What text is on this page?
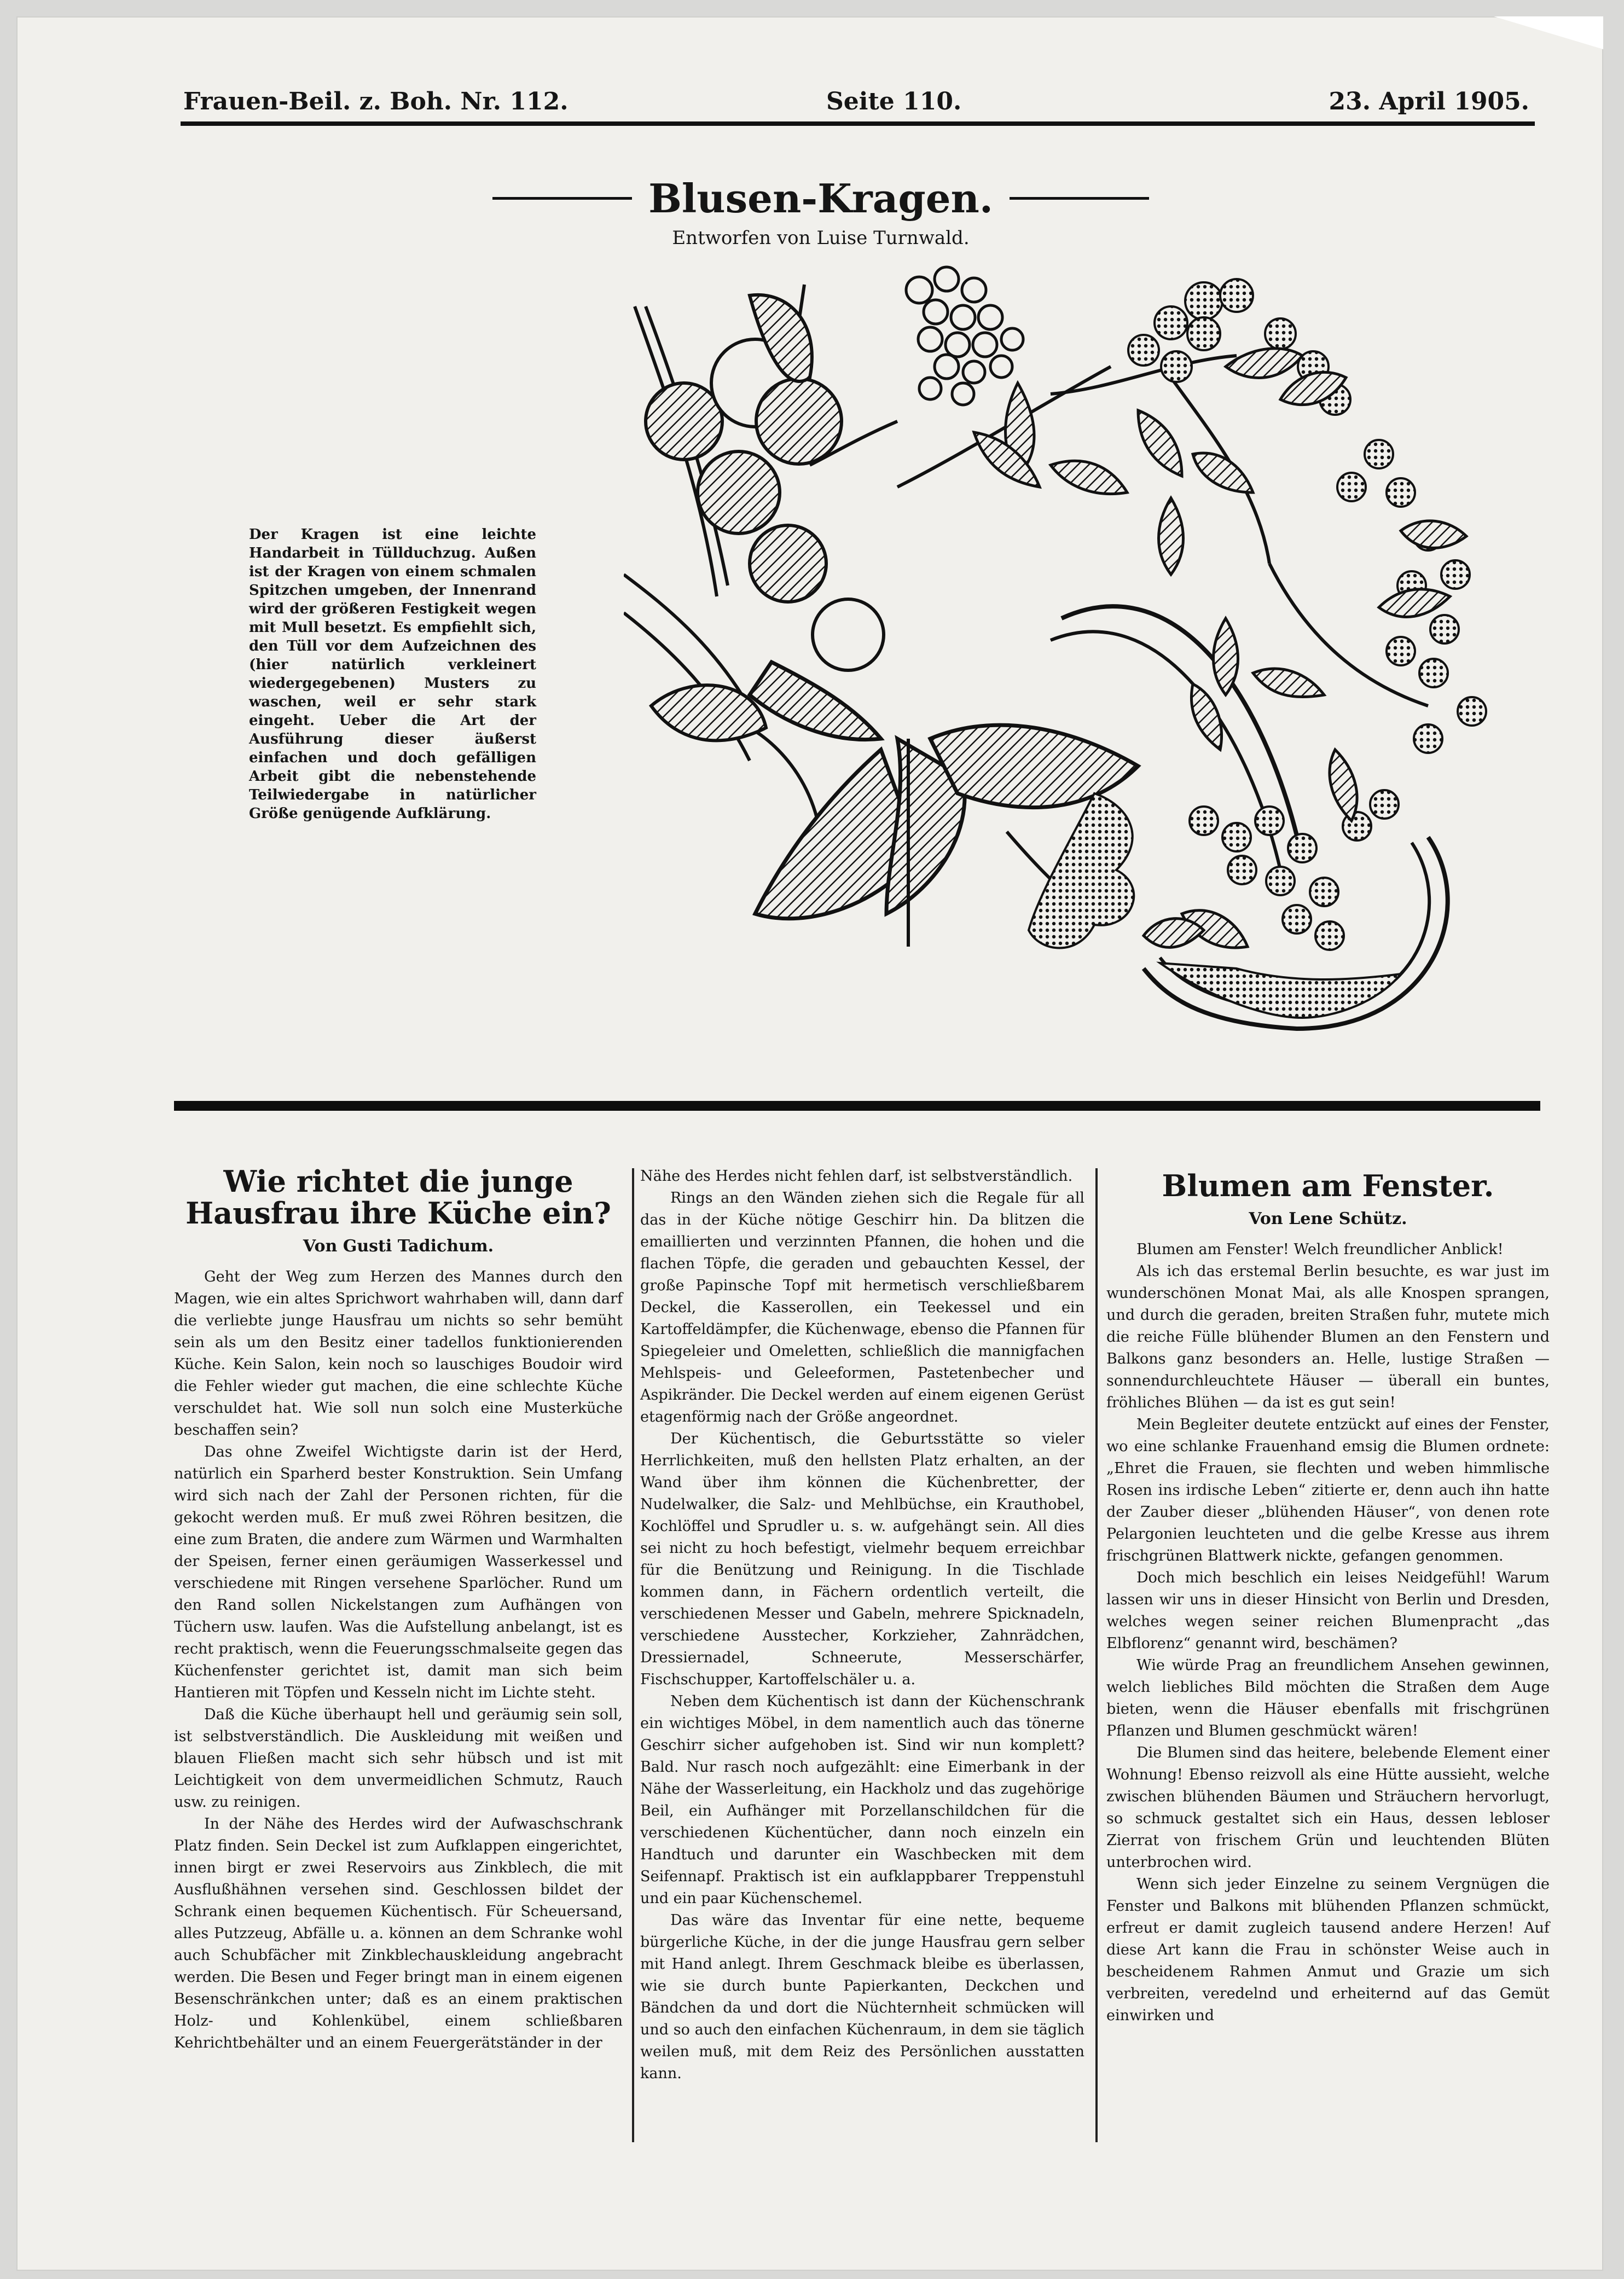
Frauen-Beil. z. Boh. Nr. 112.	Seite 110.	23. April 1905.
Blusen-Kragen.
Entworfen von Luise Turnwald.
Der Kragen ist eine leichte Handarbeit in Tüllduchzug. Außen ist der Kragen von einem schmalen Spitzchen umgeben, der Innenrand wird der größeren Festigkeit wegen mit Mull besetzt. Es empfiehlt sich, den Tüll vor dem Aufzeichnen des (hier natürlich verkleinert wiedergegebenen) Musters zu waschen, weil er sehr stark eingeht. Ueber die Art der Ausführung dieser äußerst einfachen und doch gefälligen Arbeit gibt die nebenstehende Teilwiedergabe in natürlicher Größe genügende Aufklärung.
Wie richtet die junge Hausfrau ihre Küche ein?
Von Gusti Tadichum.

Geht der Weg zum Herzen des Mannes durch den Magen, wie ein altes Sprichwort wahrhaben will, dann darf die verliebte junge Hausfrau um nichts so sehr bemüht sein als um den Besitz einer tadellos funktionierenden Küche. Kein Salon, kein noch so lauschiges Boudoir wird die Fehler wieder gut machen, die eine schlechte Küche verschuldet hat. Wie soll nun solch eine Musterküche beschaffen sein?

Das ohne Zweifel Wichtigste darin ist der Herd, natürlich ein Sparherd bester Konstruktion. Sein Umfang wird sich nach der Zahl der Personen richten, für die gekocht werden muß. Er muß zwei Röhren besitzen, die eine zum Braten, die andere zum Wärmen und Warmhalten der Speisen, ferner einen geräumigen Wasserkessel und verschiedene mit Ringen versehene Sparlöcher. Rund um den Rand sollen Nickelstangen zum Aufhängen von Tüchern usw. laufen. Was die Aufstellung anbelangt, ist es recht praktisch, wenn die Feuerungsschmalseite gegen das Küchenfenster gerichtet ist, damit man sich beim Hantieren mit Töpfen und Kesseln nicht im Lichte steht.

Daß die Küche überhaupt hell und geräumig sein soll, ist selbstverständlich. Die Auskleidung mit weißen und blauen Fließen macht sich sehr hübsch und ist mit Leichtigkeit von dem unvermeidlichen Schmutz, Rauch usw. zu reinigen.

In der Nähe des Herdes wird der Aufwaschschrank Platz finden. Sein Deckel ist zum Aufklappen eingerichtet, innen birgt er zwei Reservoirs aus Zinkblech, die mit Ausflußhähnen versehen sind. Geschlossen bildet der Schrank einen bequemen Küchentisch. Für Scheuersand, alles Putzzeug, Abfälle u. a. können an dem Schranke wohl auch Schubfächer mit Zinkblechauskleidung angebracht werden. Die Besen und Feger bringt man in einem eigenen Besenschränkchen unter; daß es an einem praktischen Holz- und Kohlenkübel, einem schließbaren Kehrichtbehälter und an einem Feuergerätständer in der

Nähe des Herdes nicht fehlen darf, ist selbstverständlich.

Rings an den Wänden ziehen sich die Regale für all das in der Küche nötige Geschirr hin. Da blitzen die emaillierten und verzinnten Pfannen, die hohen und die flachen Töpfe, die geraden und gebauchten Kessel, der große Papinsche Topf mit hermetisch verschließbarem Deckel, die Kasserollen, ein Teekessel und ein Kartoffeldämpfer, die Küchenwage, ebenso die Pfannen für Spiegeleier und Omeletten, schließlich die mannigfachen Mehlspeis- und Geleeformen, Pastetenbecher und Aspikränder. Die Deckel werden auf einem eigenen Gerüst etagenförmig nach der Größe angeordnet.

Der Küchentisch, die Geburtsstätte so vieler Herrlichkeiten, muß den hellsten Platz erhalten, an der Wand über ihm können die Küchenbretter, der Nudelwalker, die Salz- und Mehlbüchse, ein Krauthobel, Kochlöffel und Sprudler u. s. w. aufgehängt sein. All dies sei nicht zu hoch befestigt, vielmehr bequem erreichbar für die Benützung und Reinigung. In die Tischlade kommen dann, in Fächern ordentlich verteilt, die verschiedenen Messer und Gabeln, mehrere Spicknadeln, verschiedene Ausstecher, Korkzieher, Zahnrädchen, Dressiernadel, Schneerute, Messerschärfer, Fischschupper, Kartoffelschäler u. a.

Neben dem Küchentisch ist dann der Küchenschrank ein wichtiges Möbel, in dem namentlich auch das tönerne Geschirr sicher aufgehoben ist. Sind wir nun komplett? Bald. Nur rasch noch aufgezählt: eine Eimerbank in der Nähe der Wasserleitung, ein Hackholz und das zugehörige Beil, ein Aufhänger mit Porzellanschildchen für die verschiedenen Küchentücher, dann noch einzeln ein Handtuch und darunter ein Waschbecken mit dem Seifennapf. Praktisch ist ein aufklappbarer Treppenstuhl und ein paar Küchenschemel.

Das wäre das Inventar für eine nette, bequeme bürgerliche Küche, in der die junge Hausfrau gern selber mit Hand anlegt. Ihrem Geschmack bleibe es überlassen, wie sie durch bunte Papierkanten, Deckchen und Bändchen da und dort die Nüchternheit schmücken will und so auch den einfachen Küchenraum, in dem sie täglich weilen muß, mit dem Reiz des Persönlichen ausstatten kann.

Blumen am Fenster.
Von Lene Schütz.

Blumen am Fenster! Welch freundlicher Anblick!

Als ich das erstemal Berlin besuchte, es war just im wunderschönen Monat Mai, als alle Knospen sprangen, und durch die geraden, breiten Straßen fuhr, mutete mich die reiche Fülle blühender Blumen an den Fenstern und Balkons ganz besonders an. Helle, lustige Straßen — sonnendurchleuchtete Häuser — überall ein buntes, fröhliches Blühen — da ist es gut sein!

Mein Begleiter deutete entzückt auf eines der Fenster, wo eine schlanke Frauenhand emsig die Blumen ordnete: „Ehret die Frauen, sie flechten und weben himmlische Rosen ins irdische Leben“ zitierte er, denn auch ihn hatte der Zauber dieser „blühenden Häuser“, von denen rote Pelargonien leuchteten und die gelbe Kresse aus ihrem frischgrünen Blattwerk nickte, gefangen genommen.

Doch mich beschlich ein leises Neidgefühl! Warum lassen wir uns in dieser Hinsicht von Berlin und Dresden, welches wegen seiner reichen Blumenpracht „das Elbflorenz“ genannt wird, beschämen?

Wie würde Prag an freundlichem Ansehen gewinnen, welch liebliches Bild möchten die Straßen dem Auge bieten, wenn die Häuser ebenfalls mit frischgrünen Pflanzen und Blumen geschmückt wären!

Die Blumen sind das heitere, belebende Element einer Wohnung! Ebenso reizvoll als eine Hütte aussieht, welche zwischen blühenden Bäumen und Sträuchern hervorlugt, so schmuck gestaltet sich ein Haus, dessen lebloser Zierrat von frischem Grün und leuchtenden Blüten unterbrochen wird.

Wenn sich jeder Einzelne zu seinem Vergnügen die Fenster und Balkons mit blühenden Pflanzen schmückt, erfreut er damit zugleich tausend andere Herzen! Auf diese Art kann die Frau in schönster Weise auch in bescheidenem Rahmen Anmut und Grazie um sich verbreiten, veredelnd und erheiternd auf das Gemüt einwirken und
